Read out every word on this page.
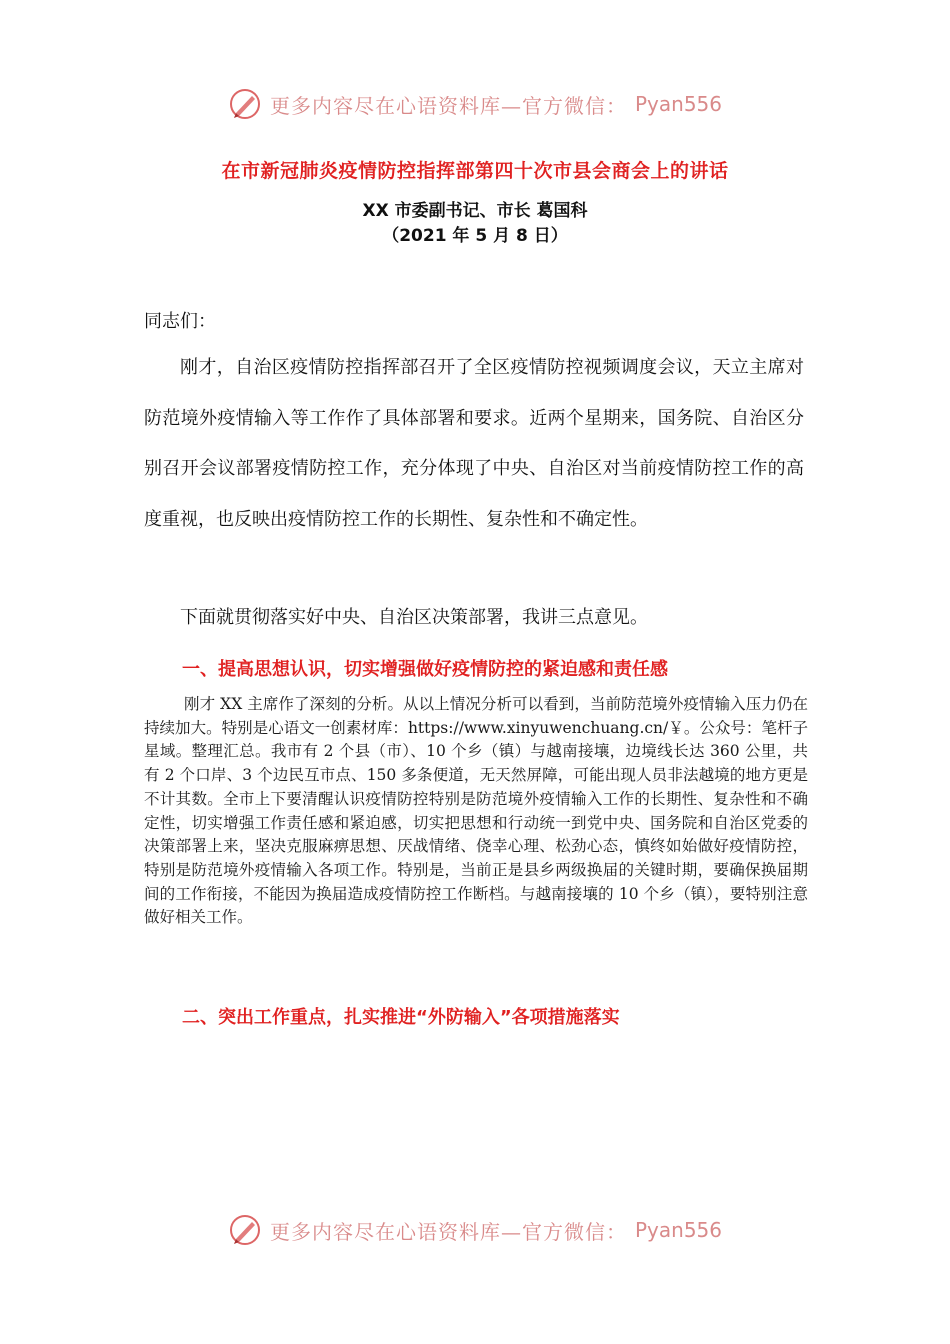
更多内容尽在心语资料库—官方微信： Pyan556
在市新冠肺炎疫情防控指挥部第四十次市县会商会上的讲话
XX 市委副书记、市长 葛国科
（2021 年 5 月 8 日）
同志们：
刚才，自治区疫情防控指挥部召开了全区疫情防控视频调度会议，天立主席对防范境外疫情输入等工作作了具体部署和要求。近两个星期来，国务院、自治区分别召开会议部署疫情防控工作，充分体现了中央、自治区对当前疫情防控工作的高度重视，也反映出疫情防控工作的长期性、复杂性和不确定性。
下面就贯彻落实好中央、自治区决策部署，我讲三点意见。
一、提高思想认识，切实增强做好疫情防控的紧迫感和责任感
刚才 XX 主席作了深刻的分析。从以上情况分析可以看到，当前防范境外疫情输入压力仍在持续加大。特别是心语文一创素材库：https://www.xinyuwenchuang.cn/￥。公众号：笔杆子星域。整理汇总。我市有 2 个县（市）、10 个乡（镇）与越南接壤，边境线长达 360 公里，共有 2 个口岸、3 个边民互市点、150 多条便道，无天然屏障，可能出现人员非法越境的地方更是不计其数。全市上下要清醒认识疫情防控特别是防范境外疫情输入工作的长期性、复杂性和不确定性，切实增强工作责任感和紧迫感，切实把思想和行动统一到党中央、国务院和自治区党委的决策部署上来，坚决克服麻痹思想、厌战情绪、侥幸心理、松劲心态，慎终如始做好疫情防控，特别是防范境外疫情输入各项工作。特别是，当前正是县乡两级换届的关键时期，要确保换届期间的工作衔接，不能因为换届造成疫情防控工作断档。与越南接壤的 10 个乡（镇），要特别注意做好相关工作。
二、突出工作重点，扎实推进“外防输入”各项措施落实
更多内容尽在心语资料库—官方微信： Pyan556
